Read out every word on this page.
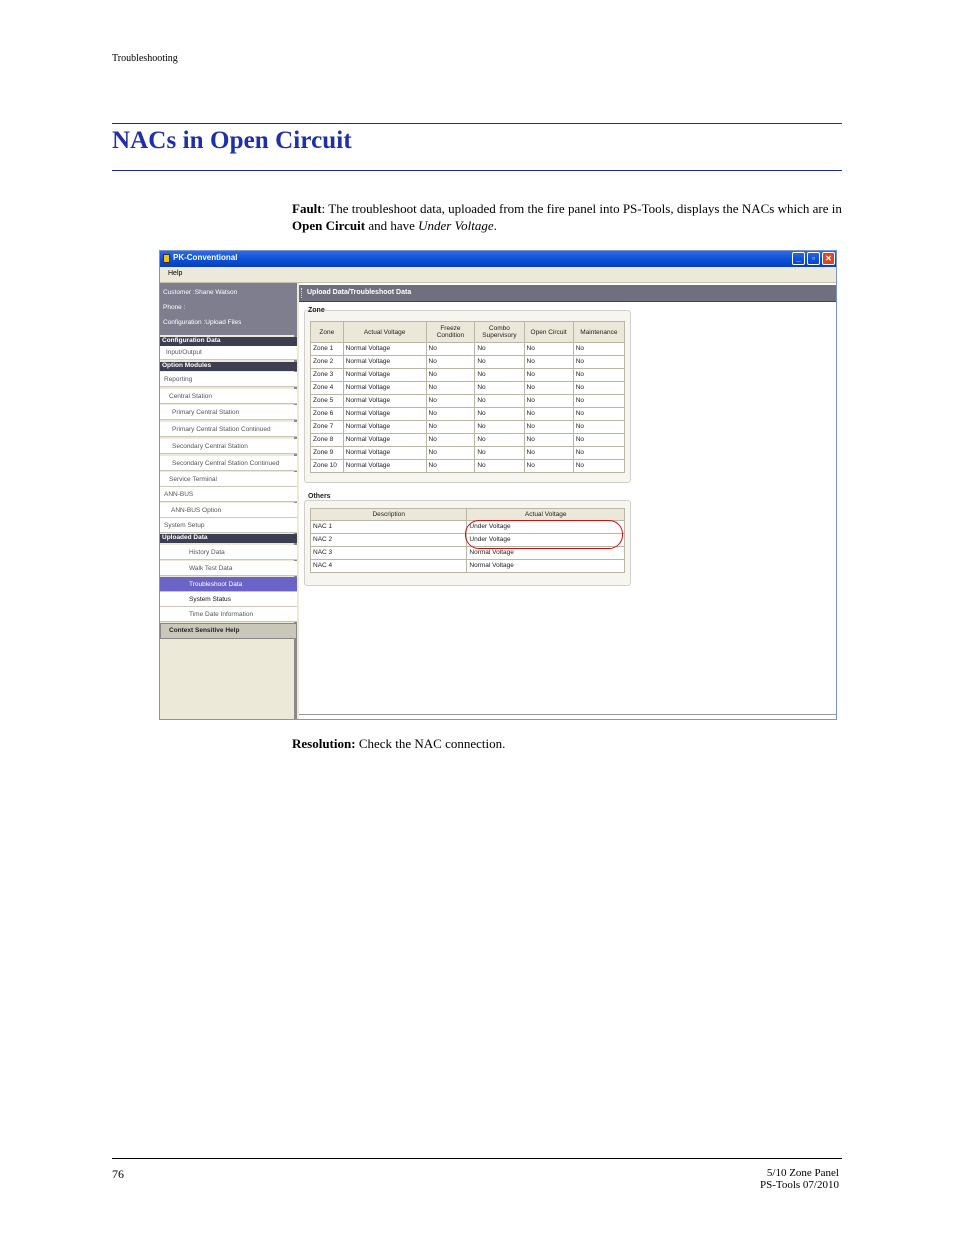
Troubleshooting
NACs in Open Circuit
Fault: The troubleshoot data, uploaded from the fire panel into PS-Tools, displays the NACs which are in Open Circuit and have Under Voltage.
PK-Conventional	_	▫	✕
Help
Customer :Shane Watson
Phone :
Configuration :Upload Files
Configuration Data
Input/Output
Option Modules
Reporting
Central Station
Primary Central Station
Primary Central Station Continued
Secondary Central Station
Secondary Central Station Continued
Service Terminal
ANN-BUS
ANN-BUS Option
System Setup
Uploaded Data
History Data
Walk Test Data
Troubleshoot Data
System Status
Time Date Information
Context Sensitive Help
Upload Data/Troubleshoot Data
Zone
Zone	Actual Voltage	Freeze Condition	Combo Supervisory	Open Circuit	Maintenance
Zone 1	Normal Voltage	No	No	No	No
Zone 2	Normal Voltage	No	No	No	No
Zone 3	Normal Voltage	No	No	No	No
Zone 4	Normal Voltage	No	No	No	No
Zone 5	Normal Voltage	No	No	No	No
Zone 6	Normal Voltage	No	No	No	No
Zone 7	Normal Voltage	No	No	No	No
Zone 8	Normal Voltage	No	No	No	No
Zone 9	Normal Voltage	No	No	No	No
Zone 10	Normal Voltage	No	No	No	No
Others
Description	Actual Voltage
NAC 1	Under Voltage
NAC 2	Under Voltage
NAC 3	Normal Voltage
NAC 4	Normal Voltage
Resolution: Check the NAC connection.
76	5/10 Zone Panel
PS-Tools 07/2010
